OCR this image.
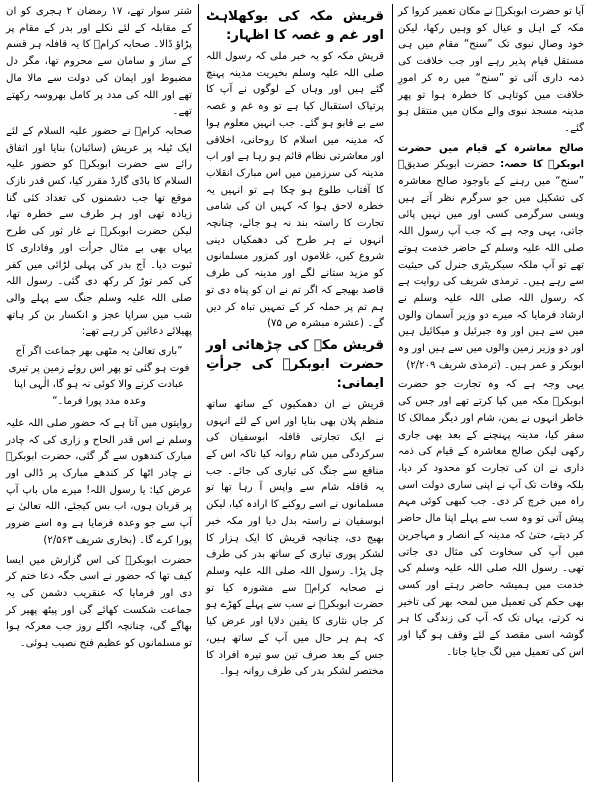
آیا تو حضرت ابوبکرؓ نے مکان تعمیر کروا کر مکہ کے اہل و عیال کو وہیں رکھا، لیکن خود وصالِ نبوی تک ”سنح“ مقام میں ہی مستقل قیام پذیر رہے اور جب خلافت کی ذمہ داری آئی تو ”سنح“ میں رہ کر امورِ خلافت میں کوتاہی کا خطرہ ہوا تو پھر مدینہ مسجد نبوی والے مکان میں منتقل ہو گئے۔

صالح معاشرہ کے قیام میں حضرت ابوبکرؓ کا حصہ: حضرت ابوبکر صدیقؓ ”سنح“ میں رہنے کے باوجود صالح معاشرہ کی تشکیل میں جو سرگرم نظر آتے ہیں ویسی سرگرمی کسی اور میں نہیں پائی جاتی، یہی وجہ ہے کہ جب آپ رسول اللہ صلی اللہ علیہ وسلم کے حاضر خدمت ہوتے تھے تو آپ ملکہ سیکریٹری جنرل کی حیثیت سے رہے ہیں۔ ترمذی شریف کی روایت ہے کہ رسول اللہ صلی اللہ علیہ وسلم نے ارشاد فرمایا کہ میرے دو وزیر آسمان والوں میں سے ہیں اور وہ جبرئیل و میکائیل ہیں اور دو وزیر زمین والوں میں سے ہیں اور وہ ابوبکر و عمر ہیں۔ (ترمذی شریف ۲/۲۰۹)

یہی وجہ ہے کہ وہ تجارت جو حضرت ابوبکرؓ مکہ میں کیا کرتے تھے اور جس کی خاطر انہوں نے یمن، شام اور دیگر ممالک کا سفر کیا، مدینہ پہنچنے کے بعد بھی جاری رکھی لیکن صالح معاشرہ کے قیام کی ذمہ داری نے ان کی تجارت کو محدود کر دیا، بلکہ وفات تک آپ نے اپنی ساری دولت اسی راہ میں خرچ کر دی۔ جب کبھی کوئی مہم پیش آتی تو وہ سب سے پہلے اپنا مال حاضر کر دیتے، حتیٰ کہ مدینہ کے انصار و مہاجرین میں آپ کی سخاوت کی مثال دی جاتی تھی۔ رسول اللہ صلی اللہ علیہ وسلم کی خدمت میں ہمیشہ حاضر رہتے اور کسی بھی حکم کی تعمیل میں لمحہ بھر کی تاخیر نہ کرتے، یہاں تک کہ آپ کی زندگی کا ہر گوشہ اسی مقصد کے لئے وقف ہو گیا اور اس کی تعمیل میں لگ جایا جاتا۔

قریش مکہ کی بوکھلاہٹ اور غم و غصہ کا اظہار:

قریش مکہ کو یہ خبر ملی کہ رسول اللہ صلی اللہ علیہ وسلم بخیریت مدینہ پہنچ گئے ہیں اور وہاں کے لوگوں نے آپ کا پرتپاک استقبال کیا ہے تو وہ غم و غصہ سے بے قابو ہو گئے۔ جب انہیں معلوم ہوا کہ مدینہ میں اسلام کا روحانی، اخلاقی اور معاشرتی نظام قائم ہو رہا ہے اور اب مدینہ کی سرزمین میں اس مبارک انقلاب کا آفتاب طلوع ہو چکا ہے تو انہیں یہ خطرہ لاحق ہوا کہ کہیں ان کی شامی تجارت کا راستہ بند نہ ہو جائے، چنانچہ انہوں نے ہر طرح کی دھمکیاں دینی شروع کیں، غلاموں اور کمزور مسلمانوں کو مزید ستانے لگے اور مدینہ کی طرف قاصد بھیجے کہ اگر تم نے ان کو پناہ دی تو ہم تم پر حملہ کر کے تمہیں تباہ کر دیں گے۔ (عشرہ مبشرہ ص ۷۵)

قریش مکہ کی چڑھائی اور حضرت ابوبکرؓ کی جرأتِ ایمانی:

قریش نے ان دھمکیوں کے ساتھ ساتھ منظم پلان بھی بنایا اور اس کے لئے انہوں نے ایک تجارتی قافلہ ابوسفیان کی سرکردگی میں شام روانہ کیا تاکہ اس کے منافع سے جنگ کی تیاری کی جائے۔ جب یہ قافلہ شام سے واپس آ رہا تھا تو مسلمانوں نے اسے روکنے کا ارادہ کیا، لیکن ابوسفیان نے راستہ بدل دیا اور مکہ خبر بھیج دی، چنانچہ قریش کا ایک ہزار کا لشکر پوری تیاری کے ساتھ بدر کی طرف چل پڑا۔ رسول اللہ صلی اللہ علیہ وسلم نے صحابہ کرامؓ سے مشورہ کیا تو حضرت ابوبکرؓ نے سب سے پہلے کھڑے ہو کر جاں نثاری کا یقین دلایا اور عرض کیا کہ ہم ہر حال میں آپ کے ساتھ ہیں، جس کے بعد صرف تین سو تیرہ افراد کا مختصر لشکر بدر کی طرف روانہ ہوا۔

شتر سوار تھے، ۱۷ رمضان ۲ ہجری کو ان کے مقابلہ کے لئے نکلے اور بدر کے مقام پر پڑاؤ ڈالا۔ صحابہ کرامؓ کا یہ قافلہ ہر قسم کے ساز و سامان سے محروم تھا، مگر دل مضبوط اور ایمان کی دولت سے مالا مال تھے اور اللہ کی مدد پر کامل بھروسہ رکھتے تھے۔

صحابہ کرامؓ نے حضور علیہ السلام کے لئے ایک ٹیلہ پر عریش (سائبان) بنایا اور اتفاق رائے سے حضرت ابوبکرؓ کو حضور علیہ السلام کا باڈی گارڈ مقرر کیا، کس قدر نازک موقع تھا جب دشمنوں کی تعداد کئی گنا زیادہ تھی اور ہر طرف سے خطرہ تھا، لیکن حضرت ابوبکرؓ نے غار ثور کی طرح یہاں بھی بے مثال جرأت اور وفاداری کا ثبوت دیا۔ آج بدر کی پہلی لڑائی میں کفر کی کمر توڑ کر رکھ دی گئی۔ رسول اللہ صلی اللہ علیہ وسلم جنگ سے پہلے والی شب میں سراپا عجز و انکسار بن کر ہاتھ پھیلائے دعائیں کر رہے تھے:

”باری تعالیٰ یہ مٹھی بھر جماعت اگر آج فوت ہو گئی تو پھر اس روئے زمین پر تیری عبادت کرنے والا کوئی نہ ہو گا، الٰہی اپنا وعدہ مدد پورا فرما۔“

روایتوں میں آتا ہے کہ حضور صلی اللہ علیہ وسلم نے اس قدر الحاح و زاری کی کہ چادر مبارک کندھوں سے گر گئی، حضرت ابوبکرؓ نے چادر اٹھا کر کندھے مبارک پر ڈالی اور عرض کیا: یا رسول اللہ! میرے ماں باپ آپ پر قربان ہوں، اب بس کیجئے، اللہ تعالیٰ نے آپ سے جو وعدہ فرمایا ہے وہ اسے ضرور پورا کرے گا۔ (بخاری شریف ۲/۵۶۳)

حضرت ابوبکرؓ کی اس گزارش میں ایسا کیف تھا کہ حضور نے اسی جگہ دعا ختم کر دی اور فرمایا کہ عنقریب دشمن کی یہ جماعت شکست کھائے گی اور پیٹھ پھیر کر بھاگے گی، چنانچہ اگلے روز جب معرکہ ہوا تو مسلمانوں کو عظیم فتح نصیب ہوئی۔
